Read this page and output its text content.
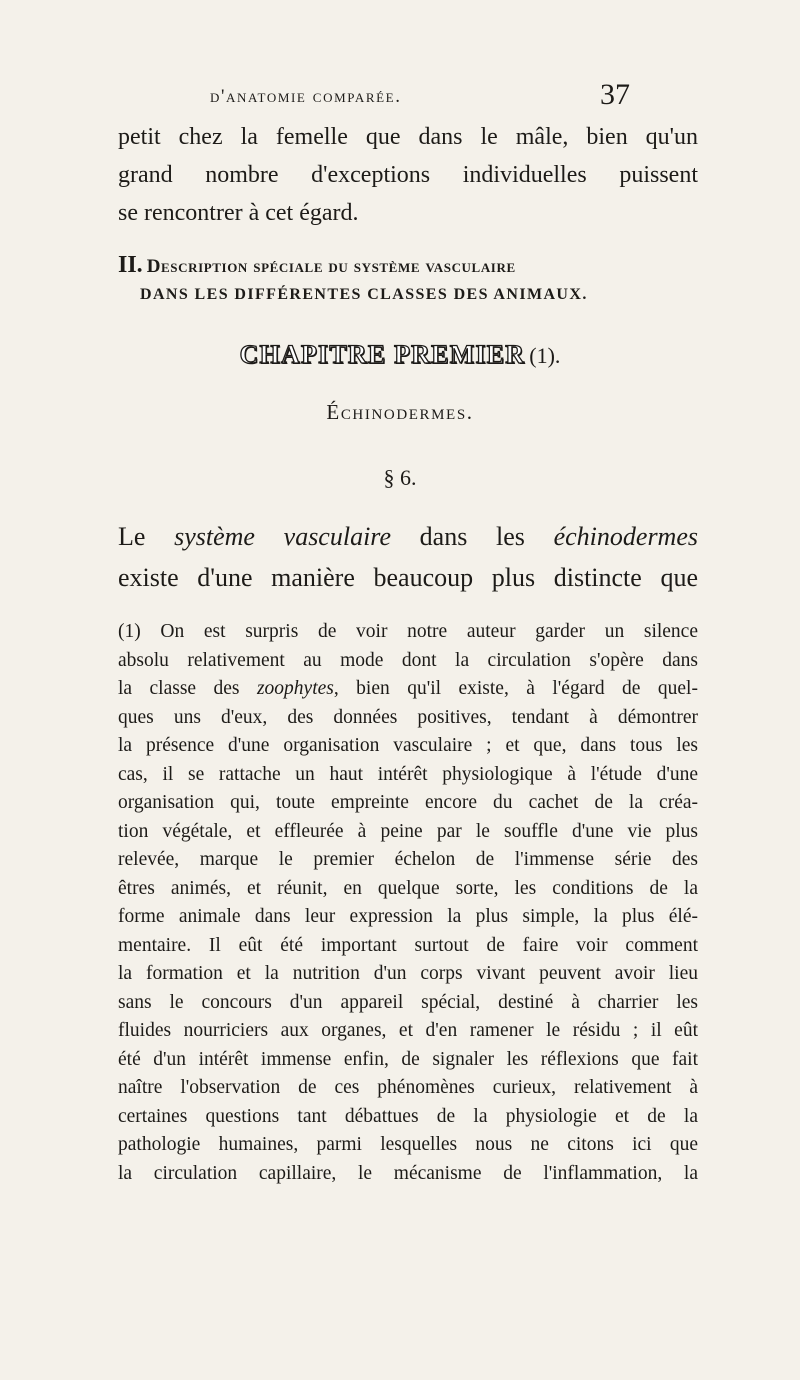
d'anatomie comparée.	37
petit chez la femelle que dans le mâle, bien qu'un
grand nombre d'exceptions individuelles puissent
se rencontrer à cet égard.
II. Description spéciale du système vasculaire
DANS LES DIFFÉRENTES CLASSES DES ANIMAUX.
CHAPITRE PREMIER (1).
Échinodermes.
§ 6.
Le système vasculaire dans les échinodermes
existe d'une manière beaucoup plus distincte que
(1) On est surpris de voir notre auteur garder un silence
absolu relativement au mode dont la circulation s'opère dans
la classe des zoophytes, bien qu'il existe, à l'égard de quel-
ques uns d'eux, des données positives, tendant à démontrer
la présence d'une organisation vasculaire ; et que, dans tous les
cas, il se rattache un haut intérêt physiologique à l'étude d'une
organisation qui, toute empreinte encore du cachet de la créa-
tion végétale, et effleurée à peine par le souffle d'une vie plus
relevée, marque le premier échelon de l'immense série des
êtres animés, et réunit, en quelque sorte, les conditions de la
forme animale dans leur expression la plus simple, la plus élé-
mentaire. Il eût été important surtout de faire voir comment
la formation et la nutrition d'un corps vivant peuvent avoir lieu
sans le concours d'un appareil spécial, destiné à charrier les
fluides nourriciers aux organes, et d'en ramener le résidu ; il eût
été d'un intérêt immense enfin, de signaler les réflexions que fait
naître l'observation de ces phénomènes curieux, relativement à
certaines questions tant débattues de la physiologie et de la
pathologie humaines, parmi lesquelles nous ne citons ici que
la circulation capillaire, le mécanisme de l'inflammation, la
